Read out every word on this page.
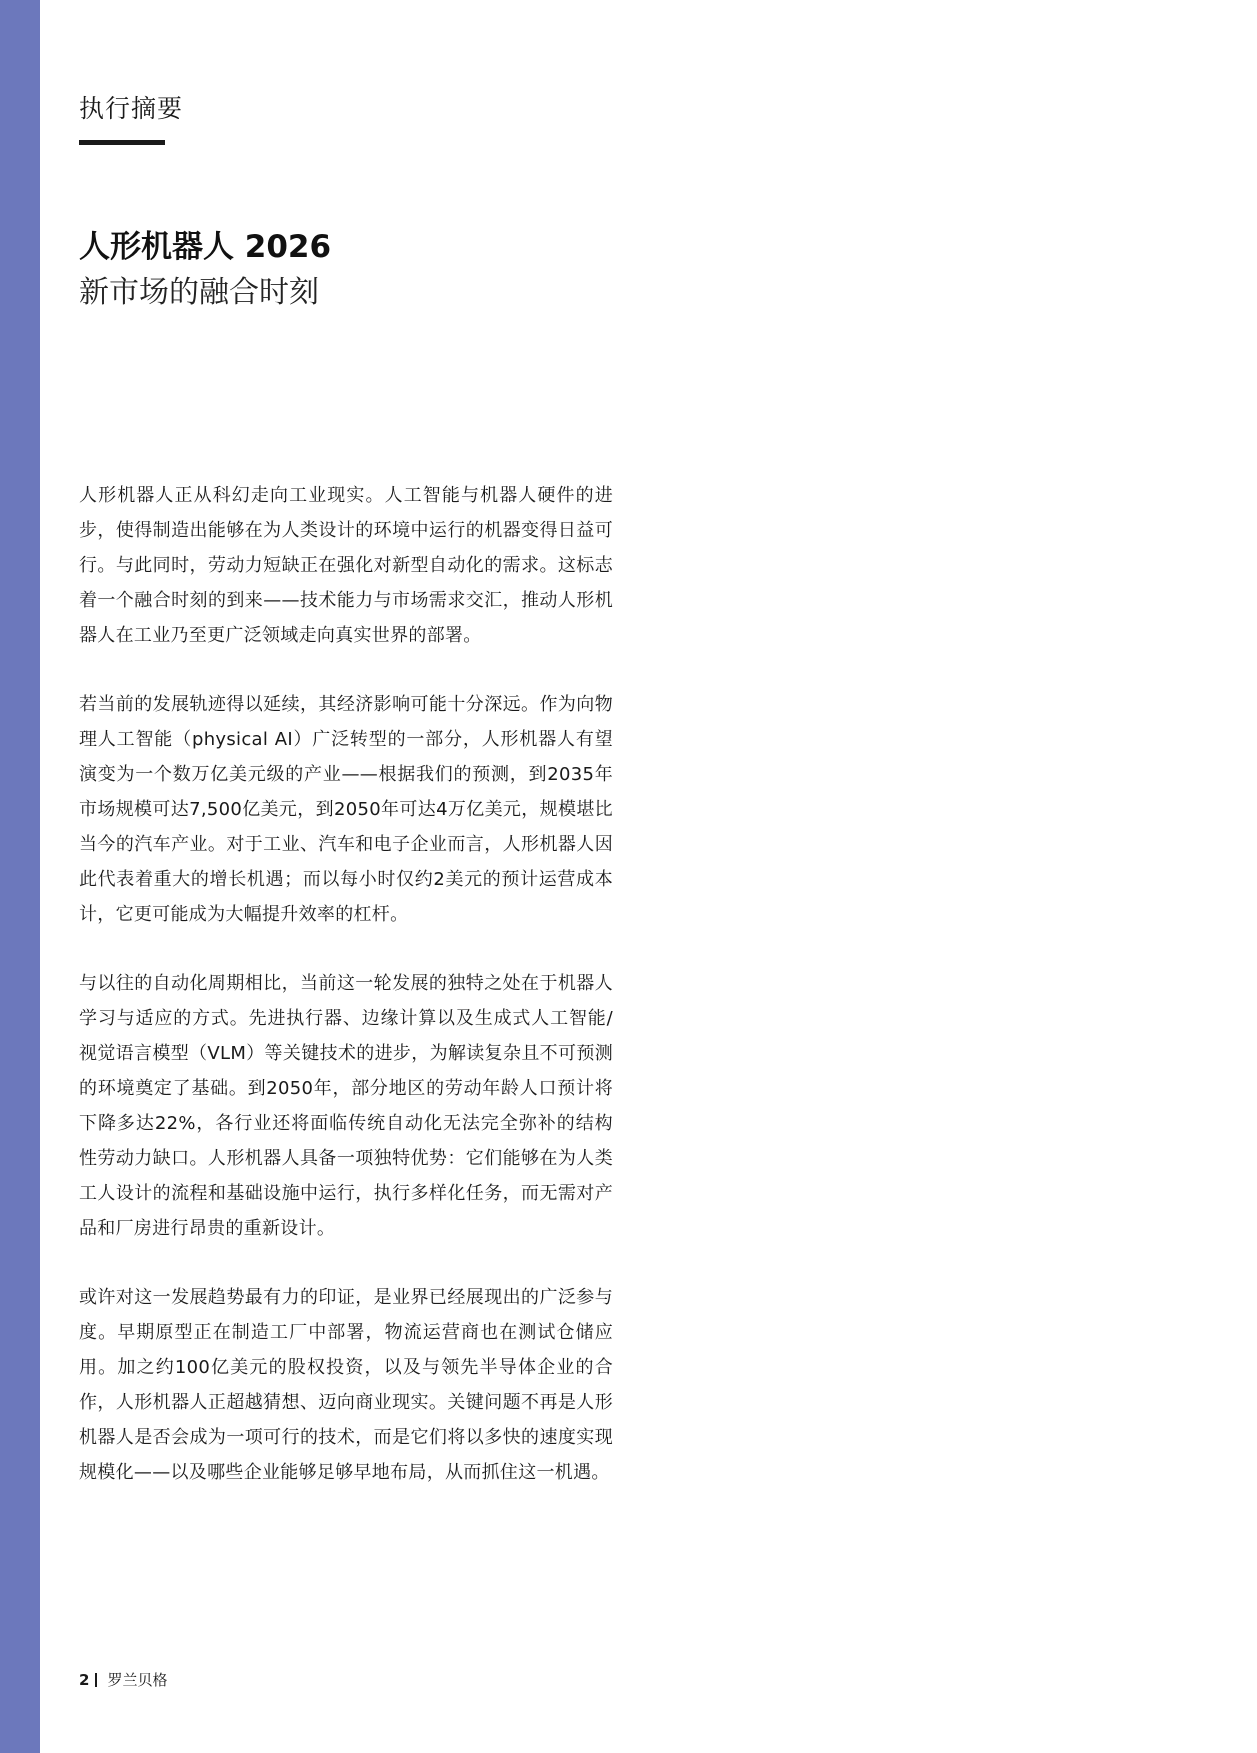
执行摘要
人形机器人 2026
新市场的融合时刻

人形机器人正从科幻走向工业现实。人工智能与机器人硬件的进步，使得制造出能够在为人类设计的环境中运行的机器变得日益可行。与此同时，劳动力短缺正在强化对新型自动化的需求。这标志着一个融合时刻的到来——技术能力与市场需求交汇，推动人形机器人在工业乃至更广泛领域走向真实世界的部署。

若当前的发展轨迹得以延续，其经济影响可能十分深远。作为向物理人工智能（physical AI）广泛转型的一部分，人形机器人有望演变为一个数万亿美元级的产业——根据我们的预测，到2035年市场规模可达7,500亿美元，到2050年可达4万亿美元，规模堪比当今的汽车产业。对于工业、汽车和电子企业而言，人形机器人因此代表着重大的增长机遇；而以每小时仅约2美元的预计运营成本计，它更可能成为大幅提升效率的杠杆。

与以往的自动化周期相比，当前这一轮发展的独特之处在于机器人学习与适应的方式。先进执行器、边缘计算以及生成式人工智能/视觉语言模型（VLM）等关键技术的进步，为解读复杂且不可预测的环境奠定了基础。到2050年，部分地区的劳动年龄人口预计将下降多达22%，各行业还将面临传统自动化无法完全弥补的结构性劳动力缺口。人形机器人具备一项独特优势：它们能够在为人类工人设计的流程和基础设施中运行，执行多样化任务，而无需对产品和厂房进行昂贵的重新设计。

或许对这一发展趋势最有力的印证，是业界已经展现出的广泛参与度。早期原型正在制造工厂中部署，物流运营商也在测试仓储应用。加之约100亿美元的股权投资，以及与领先半导体企业的合作，人形机器人正超越猜想、迈向商业现实。关键问题不再是人形机器人是否会成为一项可行的技术，而是它们将以多快的速度实现规模化——以及哪些企业能够足够早地布局，从而抓住这一机遇。

2 罗兰贝格
